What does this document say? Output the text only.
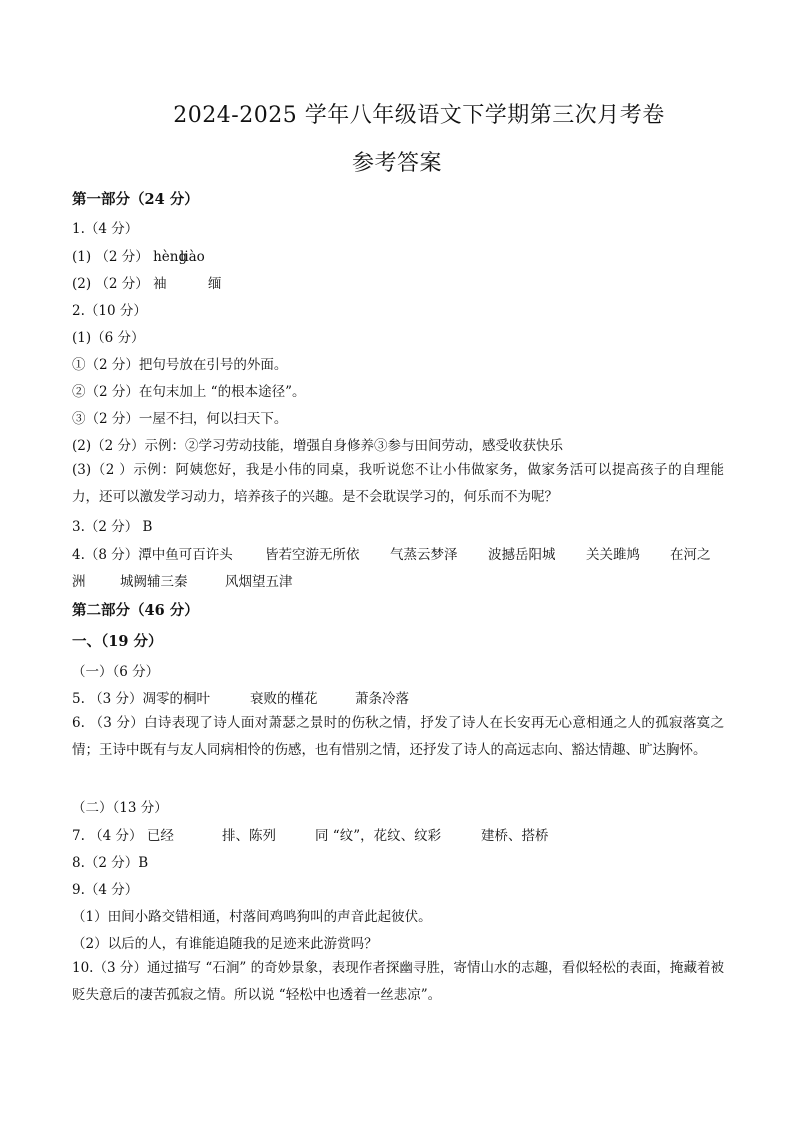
2024-2025 学年八年级语文下学期第三次月考卷
参考答案
第一部分（24 分）
1.（4 分）
(1) （2 分） hèng
liào
(2) （2 分） 袖	缅
2.（10 分）
(1)（6 分）
①（2 分）把句号放在引号的外面。
②（2 分）在句末加上 “的根本途径”。
③（2 分）一屋不扫，何以扫天下。
(2)（2 分）示例：②学习劳动技能，增强自身修养③参与田间劳动，感受收获快乐
(3)（2 ）示例：阿姨您好，我是小伟的同桌，我听说您不让小伟做家务，做家务活可以提高孩子的自理能力，还可以激发学习动力，培养孩子的兴趣。是不会耽误学习的，何乐而不为呢？
3.（2 分） B
4.（8 分）潭中鱼可百许头 皆若空游无所依 气蒸云梦泽 波撼岳阳城 关关雎鸠 在河之
洲	城阙辅三秦	风烟望五津
第二部分（46 分）
一、（19 分）
（一）（6 分）
5. （3 分）凋零的桐叶	衰败的槿花	萧条冷落
6. （3 分）白诗表现了诗人面对萧瑟之景时的伤秋之情，抒发了诗人在长安再无心意相通之人的孤寂落寞之情；王诗中既有与友人同病相怜的伤感，也有惜别之情，还抒发了诗人的高远志向、豁达情趣、旷达胸怀。
（二）（13 分）
7. （4 分） 已经	排、陈列	同 “纹”，花纹、纹彩	建桥、搭桥
8.（2 分）B
9.（4 分）
（1）田间小路交错相通，村落间鸡鸣狗叫的声音此起彼伏。
（2）以后的人，有谁能追随我的足迹来此游赏吗？
10.（3 分）通过描写 “石涧” 的奇妙景象，表现作者探幽寻胜，寄情山水的志趣，看似轻松的表面，掩藏着被贬失意后的凄苦孤寂之情。所以说 “轻松中也透着一丝悲凉”。
